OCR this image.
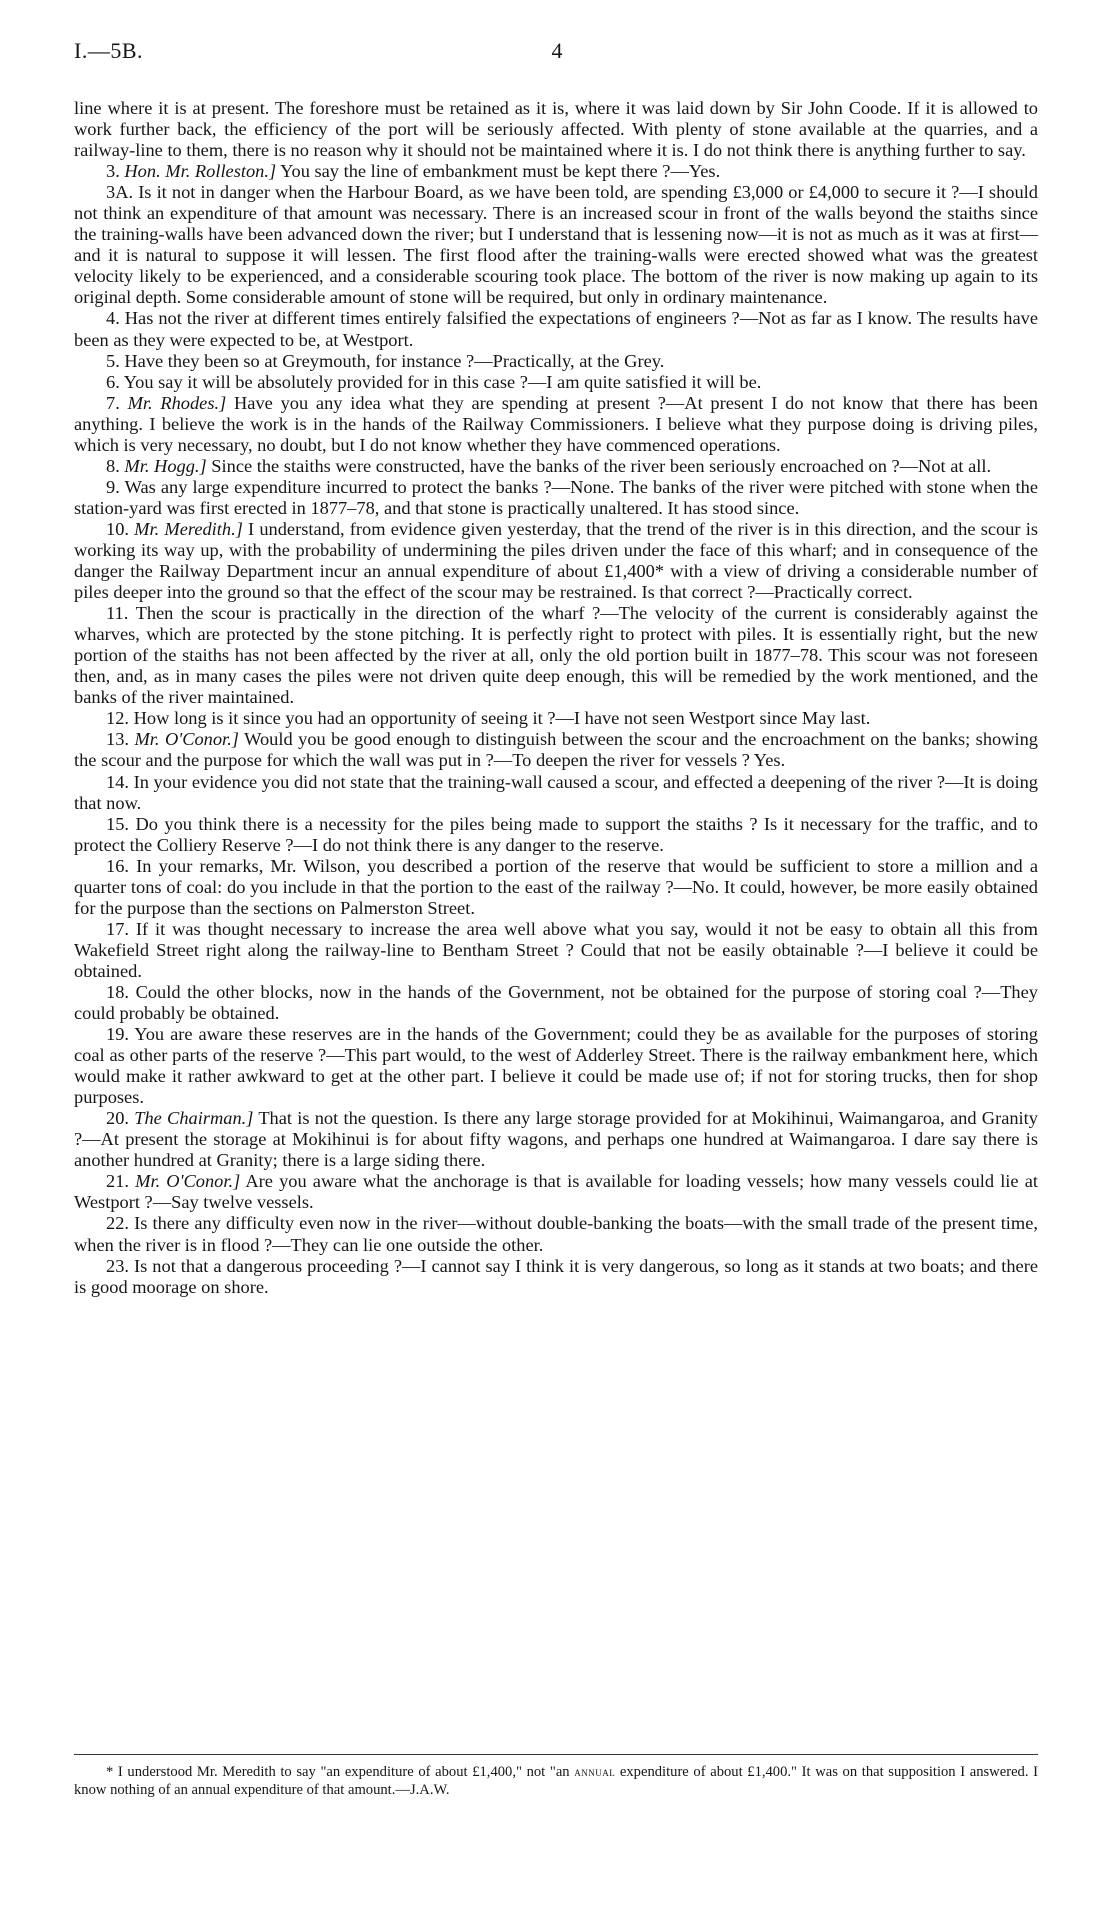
I.—5B.	4

line where it is at present. The foreshore must be retained as it is, where it was laid down by Sir John Coode. If it is allowed to work further back, the efficiency of the port will be seriously affected. With plenty of stone available at the quarries, and a railway-line to them, there is no reason why it should not be maintained where it is. I do not think there is anything further to say.

3. Hon. Mr. Rolleston.] You say the line of embankment must be kept there ?—Yes.

3A. Is it not in danger when the Harbour Board, as we have been told, are spending £3,000 or £4,000 to secure it ?—I should not think an expenditure of that amount was necessary. There is an increased scour in front of the walls beyond the staiths since the training-walls have been advanced down the river; but I understand that is lessening now—it is not as much as it was at first—and it is natural to suppose it will lessen. The first flood after the training-walls were erected showed what was the greatest velocity likely to be experienced, and a considerable scouring took place. The bottom of the river is now making up again to its original depth. Some considerable amount of stone will be required, but only in ordinary maintenance.

4. Has not the river at different times entirely falsified the expectations of engineers ?—Not as far as I know. The results have been as they were expected to be, at Westport.

5. Have they been so at Greymouth, for instance ?—Practically, at the Grey.

6. You say it will be absolutely provided for in this case ?—I am quite satisfied it will be.

7. Mr. Rhodes.] Have you any idea what they are spending at present ?—At present I do not know that there has been anything. I believe the work is in the hands of the Railway Commissioners. I believe what they purpose doing is driving piles, which is very necessary, no doubt, but I do not know whether they have commenced operations.

8. Mr. Hogg.] Since the staiths were constructed, have the banks of the river been seriously encroached on ?—Not at all.

9. Was any large expenditure incurred to protect the banks ?—None. The banks of the river were pitched with stone when the station-yard was first erected in 1877–78, and that stone is practically unaltered. It has stood since.

10. Mr. Meredith.] I understand, from evidence given yesterday, that the trend of the river is in this direction, and the scour is working its way up, with the probability of undermining the piles driven under the face of this wharf; and in consequence of the danger the Railway Department incur an annual expenditure of about £1,400* with a view of driving a considerable number of piles deeper into the ground so that the effect of the scour may be restrained. Is that correct ?—Practically correct.

11. Then the scour is practically in the direction of the wharf ?—The velocity of the current is considerably against the wharves, which are protected by the stone pitching. It is perfectly right to protect with piles. It is essentially right, but the new portion of the staiths has not been affected by the river at all, only the old portion built in 1877–78. This scour was not foreseen then, and, as in many cases the piles were not driven quite deep enough, this will be remedied by the work mentioned, and the banks of the river maintained.

12. How long is it since you had an opportunity of seeing it ?—I have not seen Westport since May last.

13. Mr. O'Conor.] Would you be good enough to distinguish between the scour and the encroachment on the banks; showing the scour and the purpose for which the wall was put in ?—To deepen the river for vessels ? Yes.

14. In your evidence you did not state that the training-wall caused a scour, and effected a deepening of the river ?—It is doing that now.

15. Do you think there is a necessity for the piles being made to support the staiths ? Is it necessary for the traffic, and to protect the Colliery Reserve ?—I do not think there is any danger to the reserve.

16. In your remarks, Mr. Wilson, you described a portion of the reserve that would be sufficient to store a million and a quarter tons of coal: do you include in that the portion to the east of the railway ?—No. It could, however, be more easily obtained for the purpose than the sections on Palmerston Street.

17. If it was thought necessary to increase the area well above what you say, would it not be easy to obtain all this from Wakefield Street right along the railway-line to Bentham Street ? Could that not be easily obtainable ?—I believe it could be obtained.

18. Could the other blocks, now in the hands of the Government, not be obtained for the purpose of storing coal ?—They could probably be obtained.

19. You are aware these reserves are in the hands of the Government; could they be as available for the purposes of storing coal as other parts of the reserve ?—This part would, to the west of Adderley Street. There is the railway embankment here, which would make it rather awkward to get at the other part. I believe it could be made use of; if not for storing trucks, then for shop purposes.

20. The Chairman.] That is not the question. Is there any large storage provided for at Mokihinui, Waimangaroa, and Granity ?—At present the storage at Mokihinui is for about fifty wagons, and perhaps one hundred at Waimangaroa. I dare say there is another hundred at Granity; there is a large siding there.

21. Mr. O'Conor.] Are you aware what the anchorage is that is available for loading vessels; how many vessels could lie at Westport ?—Say twelve vessels.

22. Is there any difficulty even now in the river—without double-banking the boats—with the small trade of the present time, when the river is in flood ?—They can lie one outside the other.

23. Is not that a dangerous proceeding ?—I cannot say I think it is very dangerous, so long as it stands at two boats; and there is good moorage on shore.

* I understood Mr. Meredith to say "an expenditure of about £1,400," not "an annual expenditure of about £1,400." It was on that supposition I answered. I know nothing of an annual expenditure of that amount.—J.A.W.
